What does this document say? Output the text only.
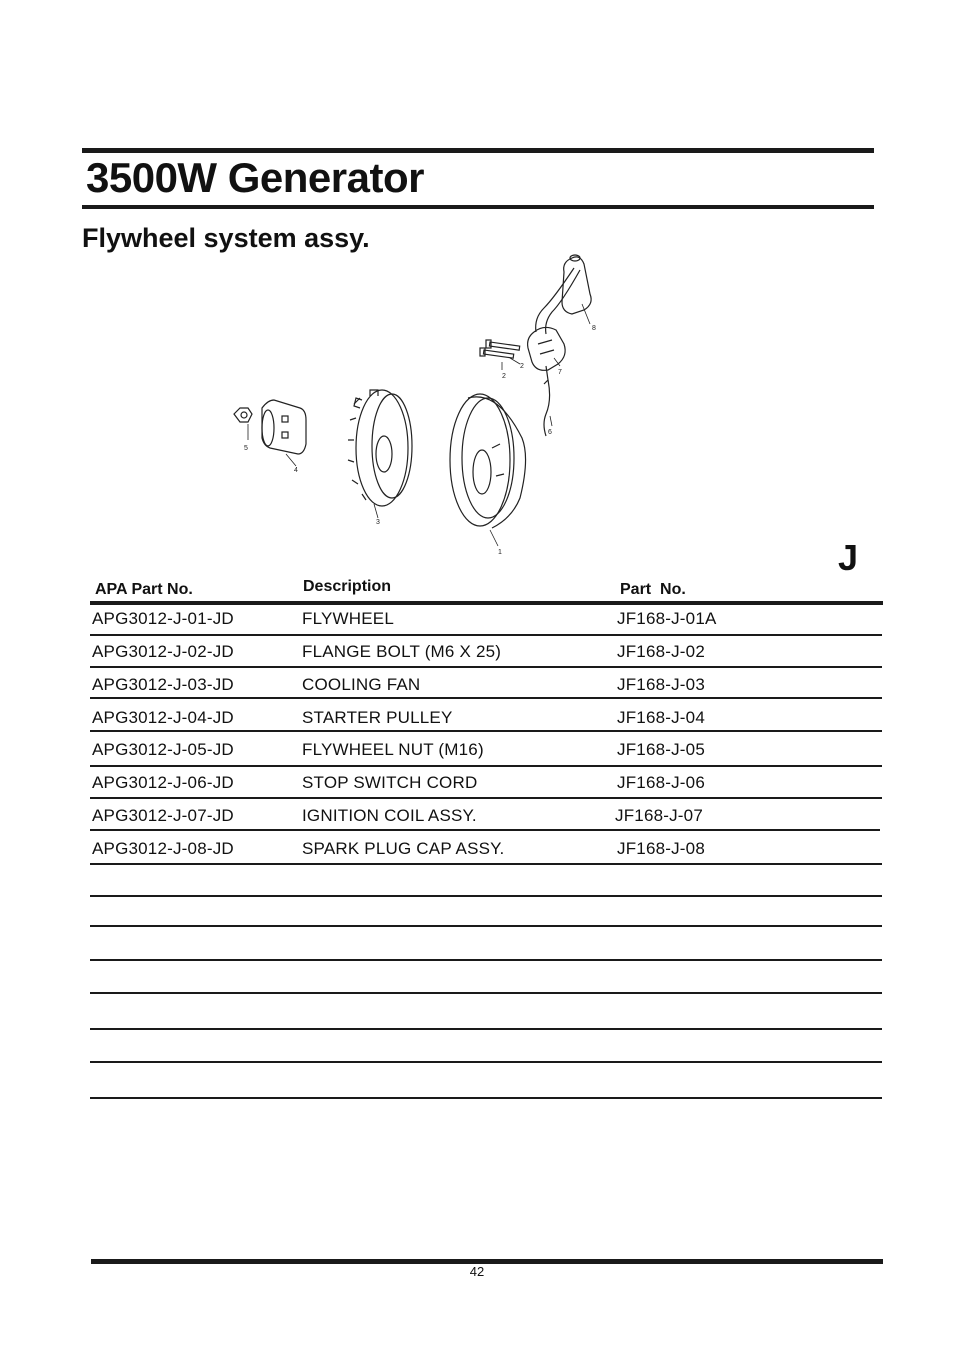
3500W Generator
Flywheel system assy.
8
7
6
2
2
5
4
3
1	J
APA Part No.	Description	Part  No.
APG3012-J-01-JD	FLYWHEEL	JF168-J-01A
APG3012-J-02-JD	FLANGE BOLT (M6 X 25)	JF168-J-02
APG3012-J-03-JD	COOLING FAN	JF168-J-03
APG3012-J-04-JD	STARTER PULLEY	JF168-J-04
APG3012-J-05-JD	FLYWHEEL NUT (M16)	JF168-J-05
APG3012-J-06-JD	STOP SWITCH CORD	JF168-J-06
APG3012-J-07-JD	IGNITION COIL ASSY.	JF168-J-07
APG3012-J-08-JD	SPARK PLUG CAP ASSY.	JF168-J-08
42
